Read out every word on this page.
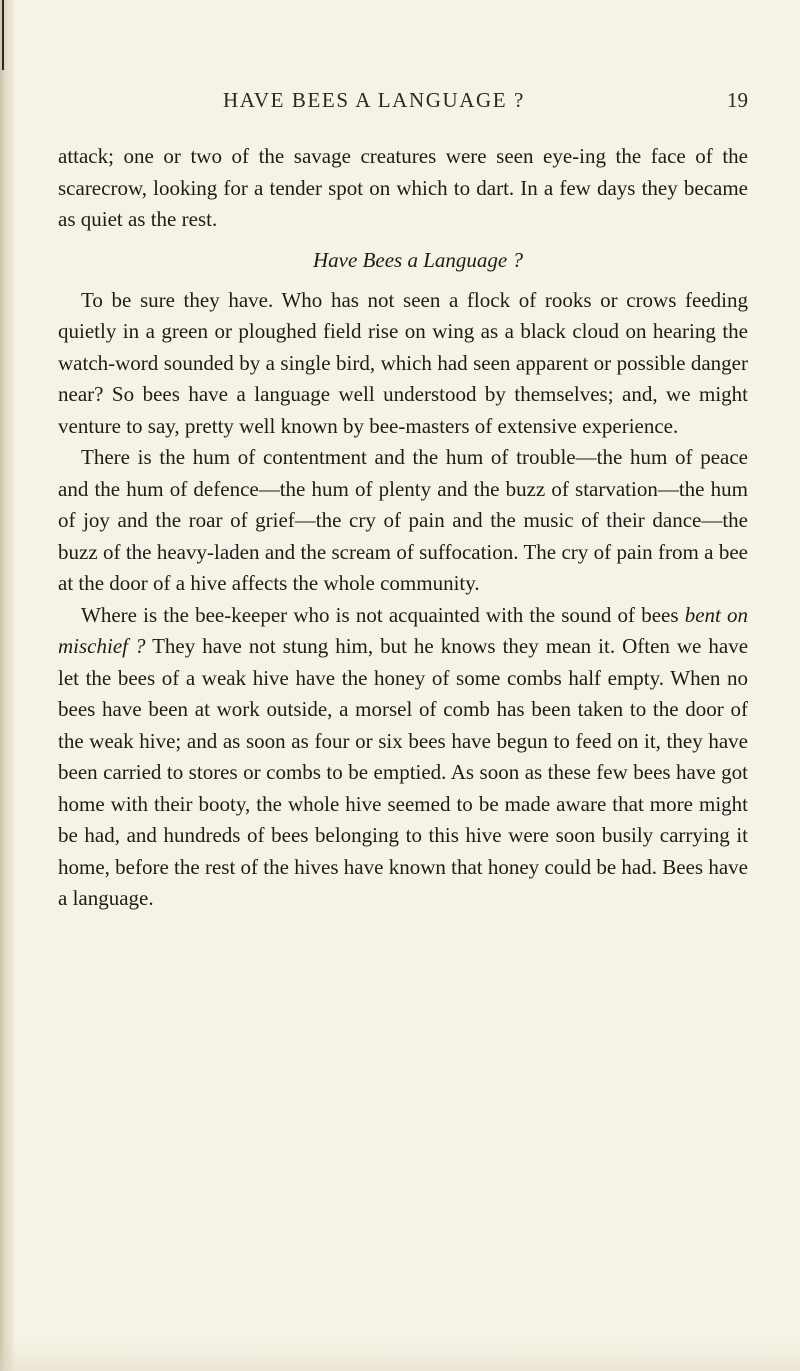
HAVE BEES A LANGUAGE ?	19

attack; one or two of the savage creatures were seen eye-ing the face of the scarecrow, looking for a tender spot on which to dart. In a few days they became as quiet as the rest.

Have Bees a Language ?

To be sure they have. Who has not seen a flock of rooks or crows feeding quietly in a green or ploughed field rise on wing as a black cloud on hearing the watch-word sounded by a single bird, which had seen apparent or possible danger near? So bees have a language well understood by themselves; and, we might venture to say, pretty well known by bee-masters of extensive experience.

There is the hum of contentment and the hum of trouble—the hum of peace and the hum of defence—the hum of plenty and the buzz of starvation—the hum of joy and the roar of grief—the cry of pain and the music of their dance—the buzz of the heavy-laden and the scream of suffocation. The cry of pain from a bee at the door of a hive affects the whole community.

Where is the bee-keeper who is not acquainted with the sound of bees bent on mischief ? They have not stung him, but he knows they mean it. Often we have let the bees of a weak hive have the honey of some combs half empty. When no bees have been at work outside, a morsel of comb has been taken to the door of the weak hive; and as soon as four or six bees have begun to feed on it, they have been carried to stores or combs to be emptied. As soon as these few bees have got home with their booty, the whole hive seemed to be made aware that more might be had, and hundreds of bees belonging to this hive were soon busily carrying it home, before the rest of the hives have known that honey could be had. Bees have a language.
